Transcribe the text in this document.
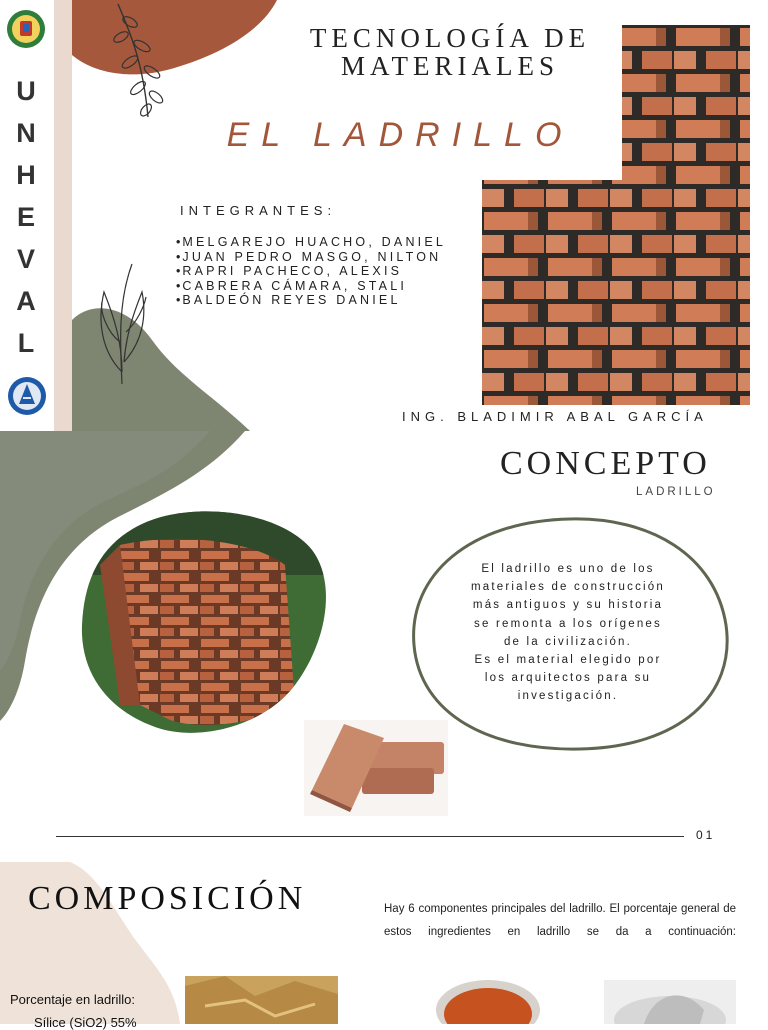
U
N
H
E
V
A
L
TECNOLOGÍA DE
MATERIALES
EL LADRILLO
INTEGRANTES:
• MELGAREJO HUACHO, DANIEL
• JUAN PEDRO MASGO, NILTON
• RAPRI PACHECO, ALEXIS
• CABRERA CÁMARA, STALI
• BALDEÓN REYES DANIEL
ING. BLADIMIR ABAL GARCÍA
CONCEPTO
LADRILLO
El ladrillo es uno de los
materiales de construcción
más antiguos y su historia
se remonta a los orígenes
de la civilización.
Es el material elegido por
los arquitectos para su
investigación.
01
COMPOSICIÓN	Hay 6 componentes principales del ladrillo. El porcentaje general de estos ingredientes en ladrillo se da a continuación:
Porcentaje en ladrillo:
Sílice (SiO2) 55%
